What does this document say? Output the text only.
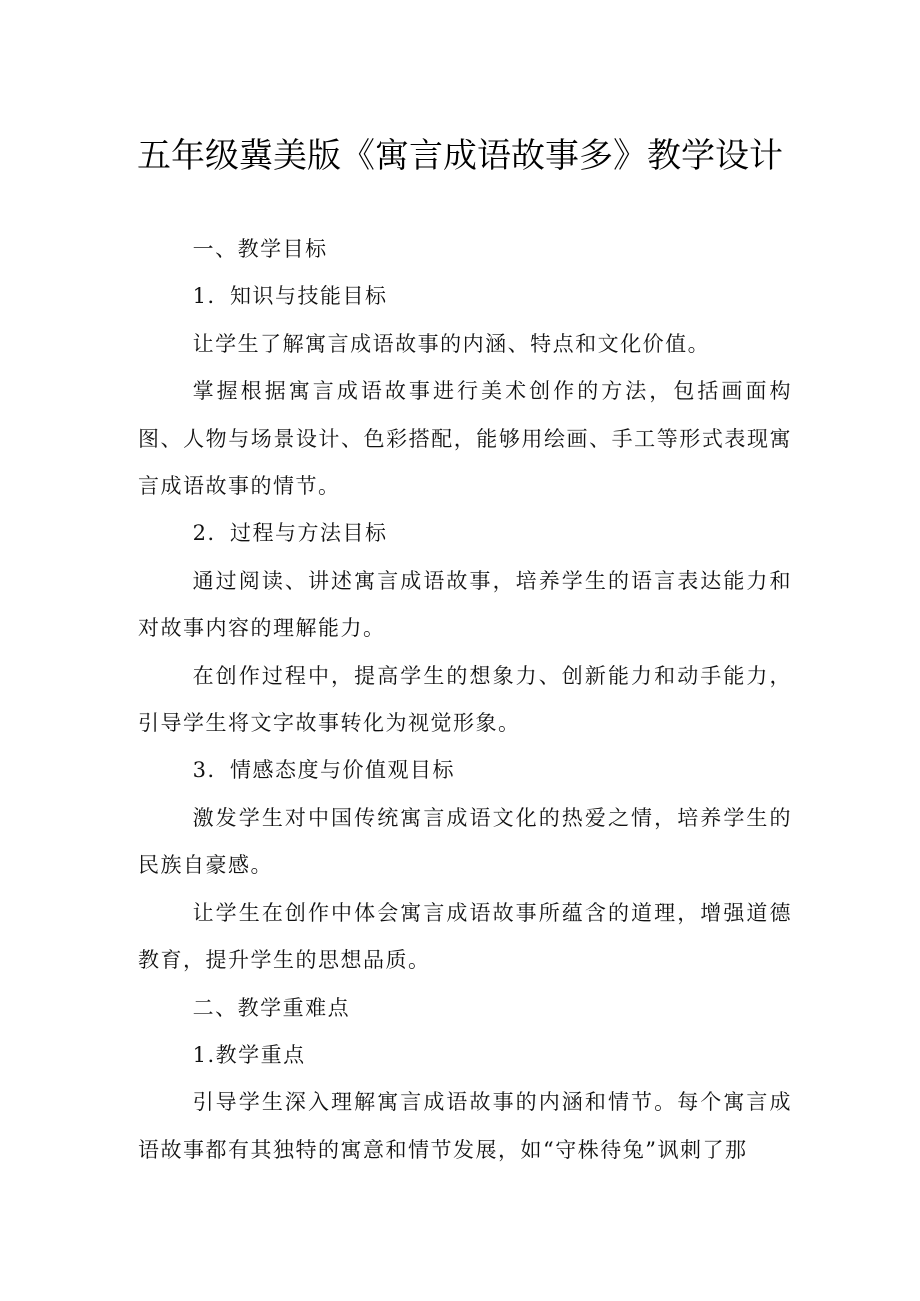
五年级冀美版《寓言成语故事多》教学设计

一、教学目标

1．知识与技能目标

让学生了解寓言成语故事的内涵、特点和文化价值。

掌握根据寓言成语故事进行美术创作的方法，包括画面构图、人物与场景设计、色彩搭配，能够用绘画、手工等形式表现寓言成语故事的情节。

2．过程与方法目标

通过阅读、讲述寓言成语故事，培养学生的语言表达能力和对故事内容的理解能力。

在创作过程中，提高学生的想象力、创新能力和动手能力，引导学生将文字故事转化为视觉形象。

3．情感态度与价值观目标

激发学生对中国传统寓言成语文化的热爱之情，培养学生的民族自豪感。

让学生在创作中体会寓言成语故事所蕴含的道理，增强道德教育，提升学生的思想品质。

二、教学重难点

1.教学重点

引导学生深入理解寓言成语故事的内涵和情节。每个寓言成语故事都有其独特的寓意和情节发展，如“守株待兔”讽刺了那
